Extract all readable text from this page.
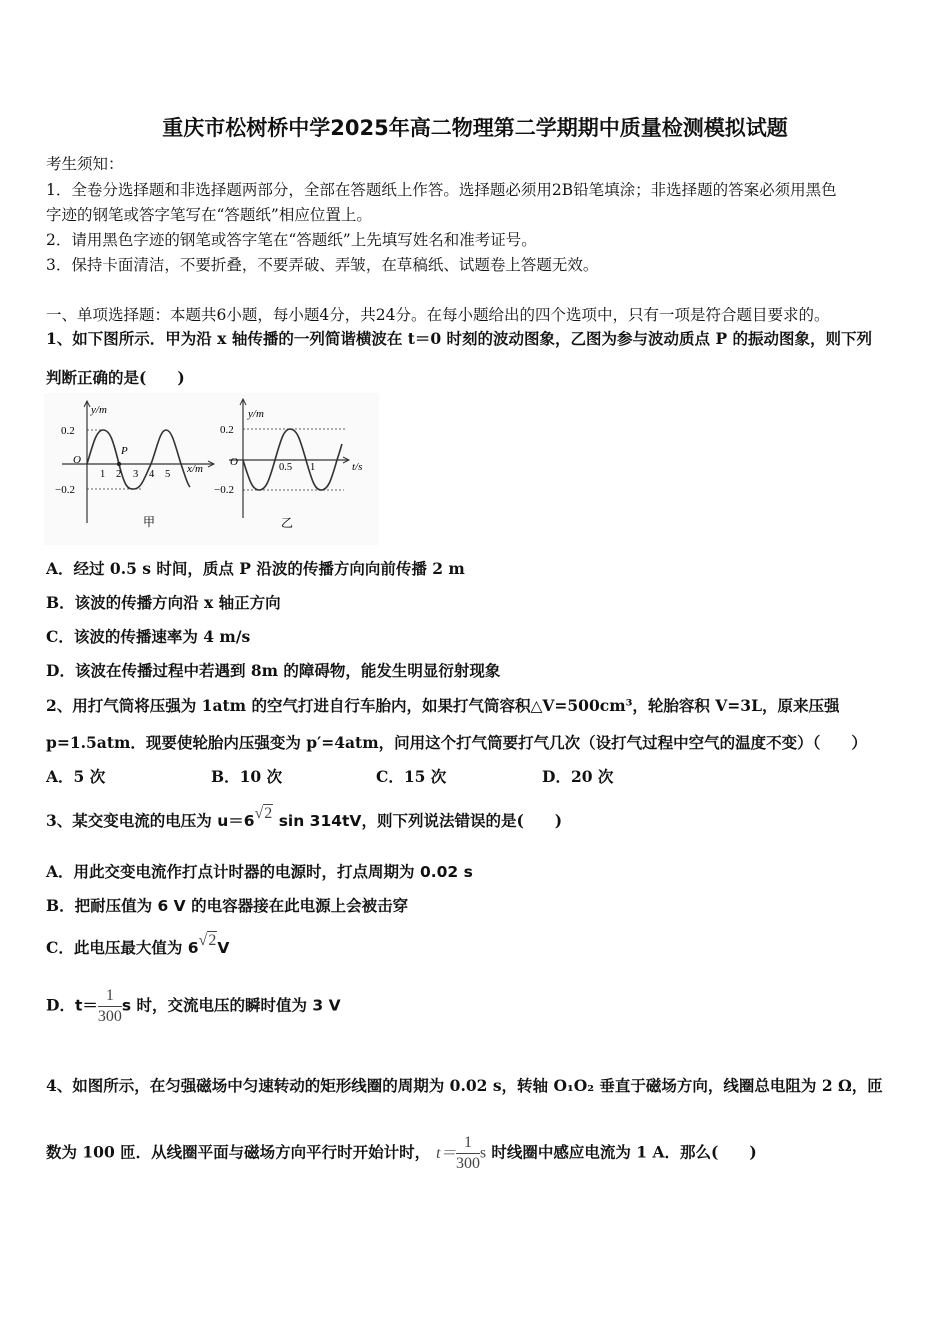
重庆市松树桥中学2025年高二物理第二学期期中质量检测模拟试题
考生须知：
1．全卷分选择题和非选择题两部分，全部在答题纸上作答。选择题必须用2B铅笔填涂；非选择题的答案必须用黑色
字迹的钢笔或答字笔写在“答题纸”相应位置上。
2．请用黑色字迹的钢笔或答字笔在“答题纸”上先填写姓名和准考证号。
3．保持卡面清洁，不要折叠，不要弄破、弄皱，在草稿纸、试题卷上答题无效。
一、单项选择题：本题共6小题，每小题4分，共24分。在每小题给出的四个选项中，只有一项是符合题目要求的。
1、如下图所示．甲为沿 x 轴传播的一列简谐横波在 t＝0 时刻的波动图象，乙图为参与波动质点 P 的振动图象，则下列
判断正确的是(　　)
y/m
0.2
−0.2
O
P
1 2 3 4 5 x/m
甲
y/m
0.2
−0.2
O	0.5 1	t/s
乙
A．经过 0.5 s 时间，质点 P 沿波的传播方向向前传播 2 m
B．该波的传播方向沿 x 轴正方向
C．该波的传播速率为 4 m/s
D．该波在传播过程中若遇到 8m 的障碍物，能发生明显衍射现象
2、用打气筒将压强为 1atm 的空气打进自行车胎内，如果打气筒容积△V=500cm³，轮胎容积 V=3L，原来压强
p=1.5atm．现要使轮胎内压强变为 p′=4atm，问用这个打气筒要打气几次（设打气过程中空气的温度不变）（　　）
A．5 次	B．10 次	C．15 次	D．20 次
3、某交变电流的电压为 u＝6√2 sin 314tV，则下列说法错误的是(　　)
A．用此交变电流作打点计时器的电源时，打点周期为 0.02 s
B．把耐压值为 6 V 的电容器接在此电源上会被击穿
C．此电压最大值为 6√2V
D．$t= \frac{1}{300}$ s 时，交流电压的瞬时值为 3 V
4、如图所示，在匀强磁场中匀速转动的矩形线圈的周期为 0.02 s，转轴 O₁O₂ 垂直于磁场方向，线圈总电阻为 2 Ω，匝
数为 100 匝．从线圈平面与磁场方向平行时开始计时， $t= \frac{1}{300}$ s 时线圈中感应电流为 1 A．那么(　　)
